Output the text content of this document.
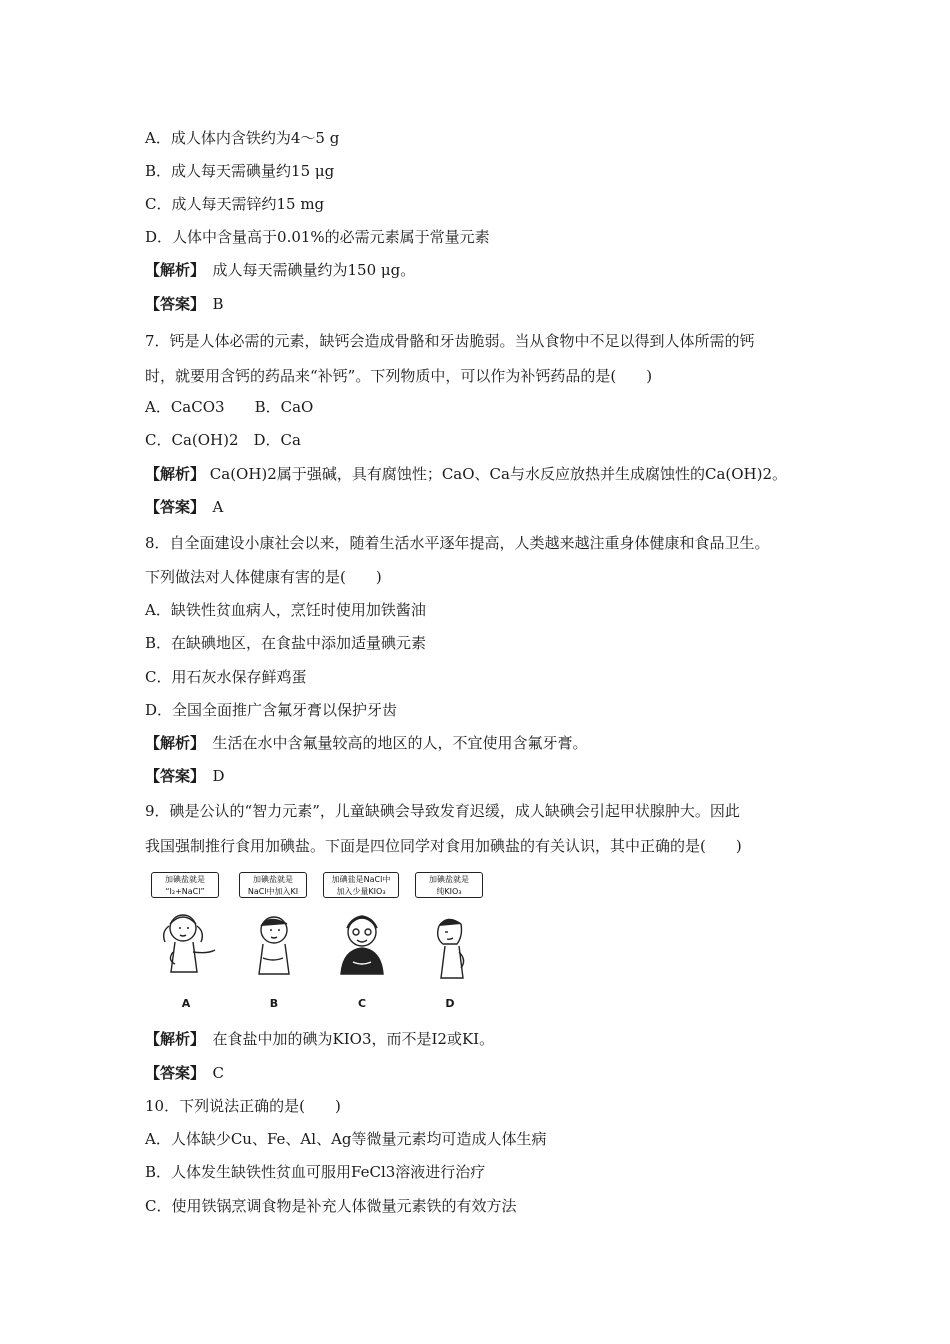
A．成人体内含铁约为4～5 g
B．成人每天需碘量约15 μg
C．成人每天需锌约15 mg
D．人体中含量高于0.01%的必需元素属于常量元素
【解析】　成人每天需碘量约为150 μg。
【答案】　B
7．钙是人体必需的元素，缺钙会造成骨骼和牙齿脆弱。当从食物中不足以得到人体所需的钙
时，就要用含钙的药品来“补钙”。下列物质中，可以作为补钙药品的是(　　)
A．CaCO3　　B．CaO
C．Ca(OH)2　D．Ca
【解析】 Ca(OH)2属于强碱，具有腐蚀性；CaO、Ca与水反应放热并生成腐蚀性的Ca(OH)2。
【答案】　A
8．自全面建设小康社会以来，随着生活水平逐年提高，人类越来越注重身体健康和食品卫生。
下列做法对人体健康有害的是(　　)
A．缺铁性贫血病人，烹饪时使用加铁酱油
B．在缺碘地区，在食盐中添加适量碘元素
C．用石灰水保存鲜鸡蛋
D．全国全面推广含氟牙膏以保护牙齿
【解析】　生活在水中含氟量较高的地区的人，不宜使用含氟牙膏。
【答案】　D
9．碘是公认的“智力元素”，儿童缺碘会导致发育迟缓，成人缺碘会引起甲状腺肿大。因此
我国强制推行食用加碘盐。下面是四位同学对食用加碘盐的有关认识，其中正确的是(　　)
加碘盐就是
“I₂+NaCl”
A
加碘盐就是
NaCl中加入KI
B
加碘盐是NaCl中
加入少量KIO₃
C
加碘盐就是
纯KIO₃
D
【解析】　在食盐中加的碘为KIO3，而不是I2或KI。
【答案】　C
10．下列说法正确的是(　　)
A．人体缺少Cu、Fe、Al、Ag等微量元素均可造成人体生病
B．人体发生缺铁性贫血可服用FeCl3溶液进行治疗
C．使用铁锅烹调食物是补充人体微量元素铁的有效方法
